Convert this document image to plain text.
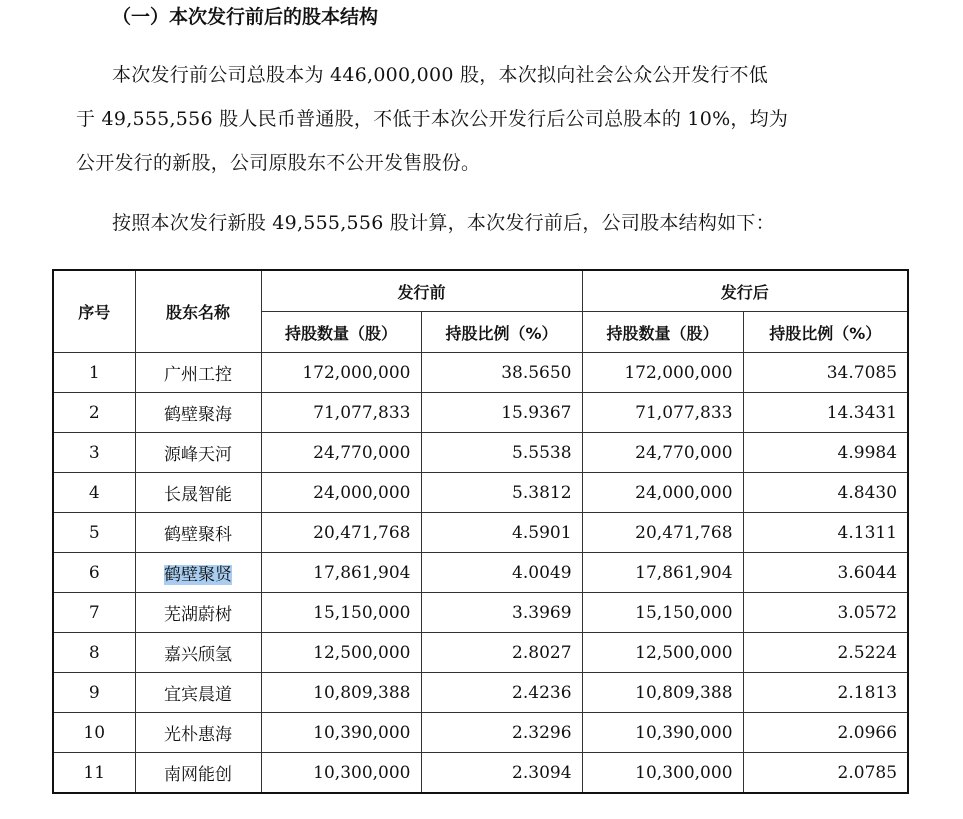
（一）本次发行前后的股本结构
本次发行前公司总股本为 446,000,000 股，本次拟向社会公众公开发行不低
于 49,555,556 股人民币普通股，不低于本次公开发行后公司总股本的 10%，均为
公开发行的新股，公司原股东不公开发售股份。
按照本次发行新股 49,555,556 股计算，本次发行前后，公司股本结构如下：
序号	股东名称	发行前		发行后	
		持股数量（股）	持股比例（%）	持股数量（股）	持股比例（%）
1	广州工控	172,000,000	38.5650	172,000,000	34.7085
2	鹤壁聚海	71,077,833	15.9367	71,077,833	14.3431
3	源峰天河	24,770,000	5.5538	24,770,000	4.9984
4	长晟智能	24,000,000	5.3812	24,000,000	4.8430
5	鹤壁聚科	20,471,768	4.5901	20,471,768	4.1311
6	鹤壁聚贤	17,861,904	4.0049	17,861,904	3.6044
7	芜湖蔚树	15,150,000	3.3969	15,150,000	3.0572
8	嘉兴颀氢	12,500,000	2.8027	12,500,000	2.5224
9	宜宾晨道	10,809,388	2.4236	10,809,388	2.1813
10	光朴惠海	10,390,000	2.3296	10,390,000	2.0966
11	南网能创	10,300,000	2.3094	10,300,000	2.0785
